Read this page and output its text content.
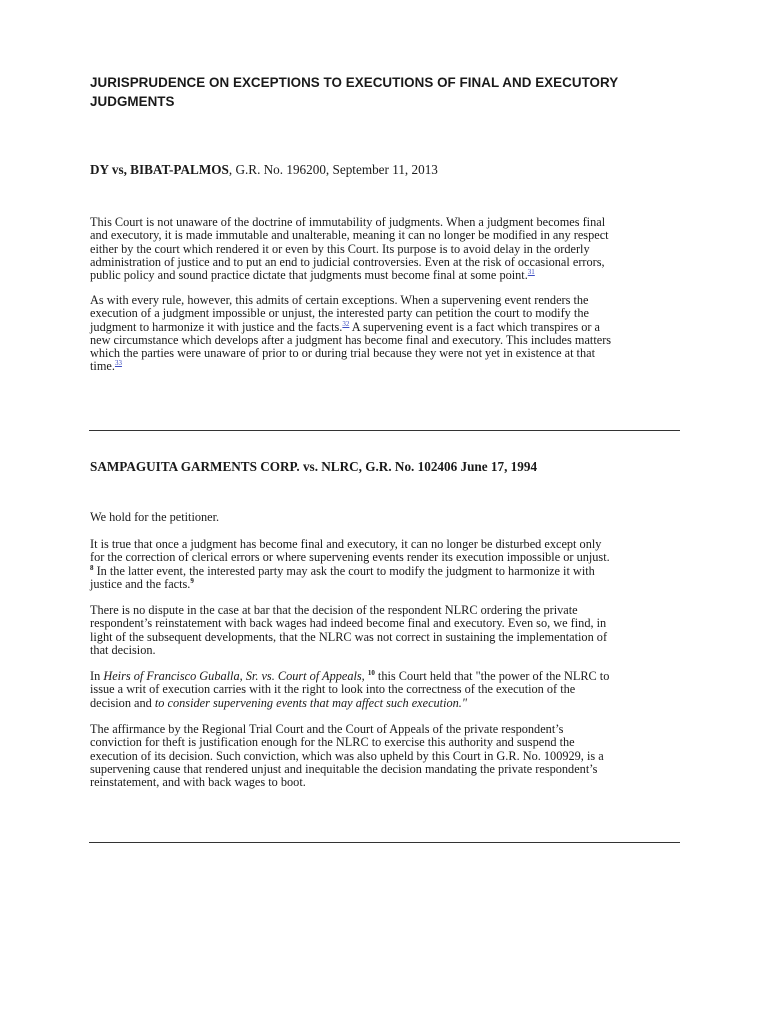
JURISPRUDENCE ON EXCEPTIONS TO EXECUTIONS OF FINAL AND EXECUTORY
JUDGMENTS

DY vs, BIBAT-PALMOS, G.R. No. 196200, September 11, 2013

This Court is not unaware of the doctrine of immutability of judgments. When a judgment becomes final
and executory, it is made immutable and unalterable, meaning it can no longer be modified in any respect
either by the court which rendered it or even by this Court. Its purpose is to avoid delay in the orderly
administration of justice and to put an end to judicial controversies. Even at the risk of occasional errors,
public policy and sound practice dictate that judgments must become final at some point.$^{31}$

As with every rule, however, this admits of certain exceptions. When a supervening event renders the
execution of a judgment impossible or unjust, the interested party can petition the court to modify the
judgment to harmonize it with justice and the facts.$^{32}$ A supervening event is a fact which transpires or a
new circumstance which develops after a judgment has become final and executory. This includes matters
which the parties were unaware of prior to or during trial because they were not yet in existence at that
time.$^{33}$

SAMPAGUITA GARMENTS CORP. vs. NLRC, G.R. No. 102406 June 17, 1994

We hold for the petitioner.

It is true that once a judgment has become final and executory, it can no longer be disturbed except only
for the correction of clerical errors or where supervening events render its execution impossible or unjust.
$^8$ In the latter event, the interested party may ask the court to modify the judgment to harmonize it with
justice and the facts.$^9$

There is no dispute in the case at bar that the decision of the respondent NLRC ordering the private
respondent’s reinstatement with back wages had indeed become final and executory. Even so, we find, in
light of the subsequent developments, that the NLRC was not correct in sustaining the implementation of
that decision.

In Heirs of Francisco Guballa, Sr. vs. Court of Appeals, $^{10}$ this Court held that "the power of the NLRC to
issue a writ of execution carries with it the right to look into the correctness of the execution of the
decision and to consider supervening events that may affect such execution."

The affirmance by the Regional Trial Court and the Court of Appeals of the private respondent’s
conviction for theft is justification enough for the NLRC to exercise this authority and suspend the
execution of its decision. Such conviction, which was also upheld by this Court in G.R. No. 100929, is a
supervening cause that rendered unjust and inequitable the decision mandating the private respondent’s
reinstatement, and with back wages to boot.
